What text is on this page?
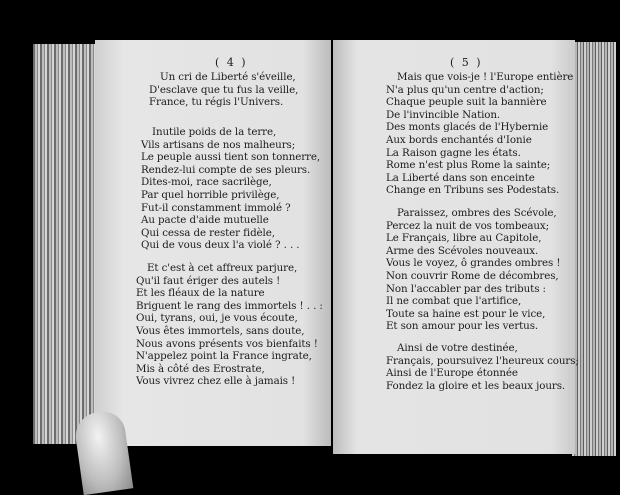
( 4 )
Un cri de Liberté s'éveille,
D'esclave que tu fus la veille,
France, tu régis l'Univers.
Inutile poids de la terre,
Vils artisans de nos malheurs;
Le peuple aussi tient son tonnerre,
Rendez-lui compte de ses pleurs.
Dites-moi, race sacrilège,
Par quel horrible privilège,
Fut-il constamment immolé ?
Au pacte d'aide mutuelle
Qui cessa de rester fidèle,
Qui de vous deux l'a violé ? . . .
Et c'est à cet affreux parjure,
Qu'il faut ériger des autels !
Et les fléaux de la nature
Briguent le rang des immortels ! . . :
Oui, tyrans, oui, je vous écoute,
Vous êtes immortels, sans doute,
Nous avons présents vos bienfaits !
N'appelez point la France ingrate,
Mis à côté des Erostrate,
Vous vivrez chez elle à jamais !
( 5 )
Mais que vois-je ! l'Europe entière
N'a plus qu'un centre d'action;
Chaque peuple suit la bannière
De l'invincible Nation.
Des monts glacés de l'Hybernie
Aux bords enchantés d'Ionie
La Raison gagne les états.
Rome n'est plus Rome la sainte;
La Liberté dans son enceinte
Change en Tribuns ses Podestats.
Paraissez, ombres des Scévole,
Percez la nuit de vos tombeaux;
Le Français, libre au Capitole,
Arme des Scévoles nouveaux.
Vous le voyez, ô grandes ombres !
Non couvrir Rome de décombres,
Non l'accabler par des tributs :
Il ne combat que l'artifice,
Toute sa haine est pour le vice,
Et son amour pour les vertus.
Ainsi de votre destinée,
Français, poursuivez l'heureux cours;
Ainsi de l'Europe étonnée
Fondez la gloire et les beaux jours.
